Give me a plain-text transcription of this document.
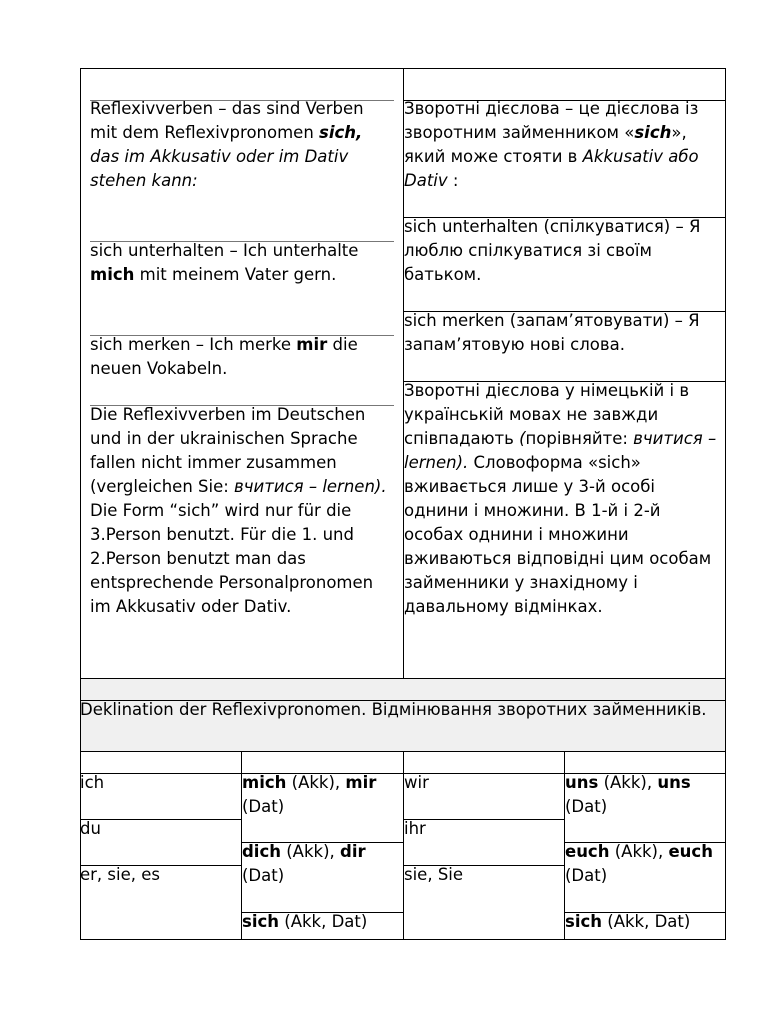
Reflexivverben – das sind Verben mit dem Reflexivpronomen sich, das im Akkusativ oder im Dativ stehen kann:
sich unterhalten – Ich unterhalte mich mit meinem Vater gern.
sich merken – Ich merke mir die neuen Vokabeln.
Die Reflexivverben im Deutschen und in der ukrainischen Sprache fallen nicht immer zusammen (vergleichen Sie: вчитися – lernen). Die Form “sich” wird nur für die 3.Person benutzt. Für die 1. und 2.Person benutzt man das entsprechende Personalpronomen im Akkusativ oder Dativ.
Зворотні дієслова – це дієслова із зворотним займенником «sich», який може стояти в Akkusativ або Dativ :
sich unterhalten (спілкуватися) – Я люблю спілкуватися зі своїм батьком.
sich merken (запам’ятовувати) – Я запам’ятовую нові слова.
Зворотні дієслова у німецькій і в українській мовах не завжди співпадають (порівняйте: вчитися – lernen). Словоформа «sich» вживається лише у 3-й особі однини і множини. В 1-й і 2-й особах однини і множини вживаються відповідні цим особам займенники у знахідному і давальному відмінках.
Deklination der Reflexivpronomen. Відмінювання зворотних займенників.
ich
du
er, sie, es
mich (Akk), mir (Dat)
dich (Akk), dir (Dat)
sich (Akk, Dat)
wir
ihr
sie, Sie
uns (Akk), uns (Dat)
euch (Akk), euch (Dat)
sich (Akk, Dat)
